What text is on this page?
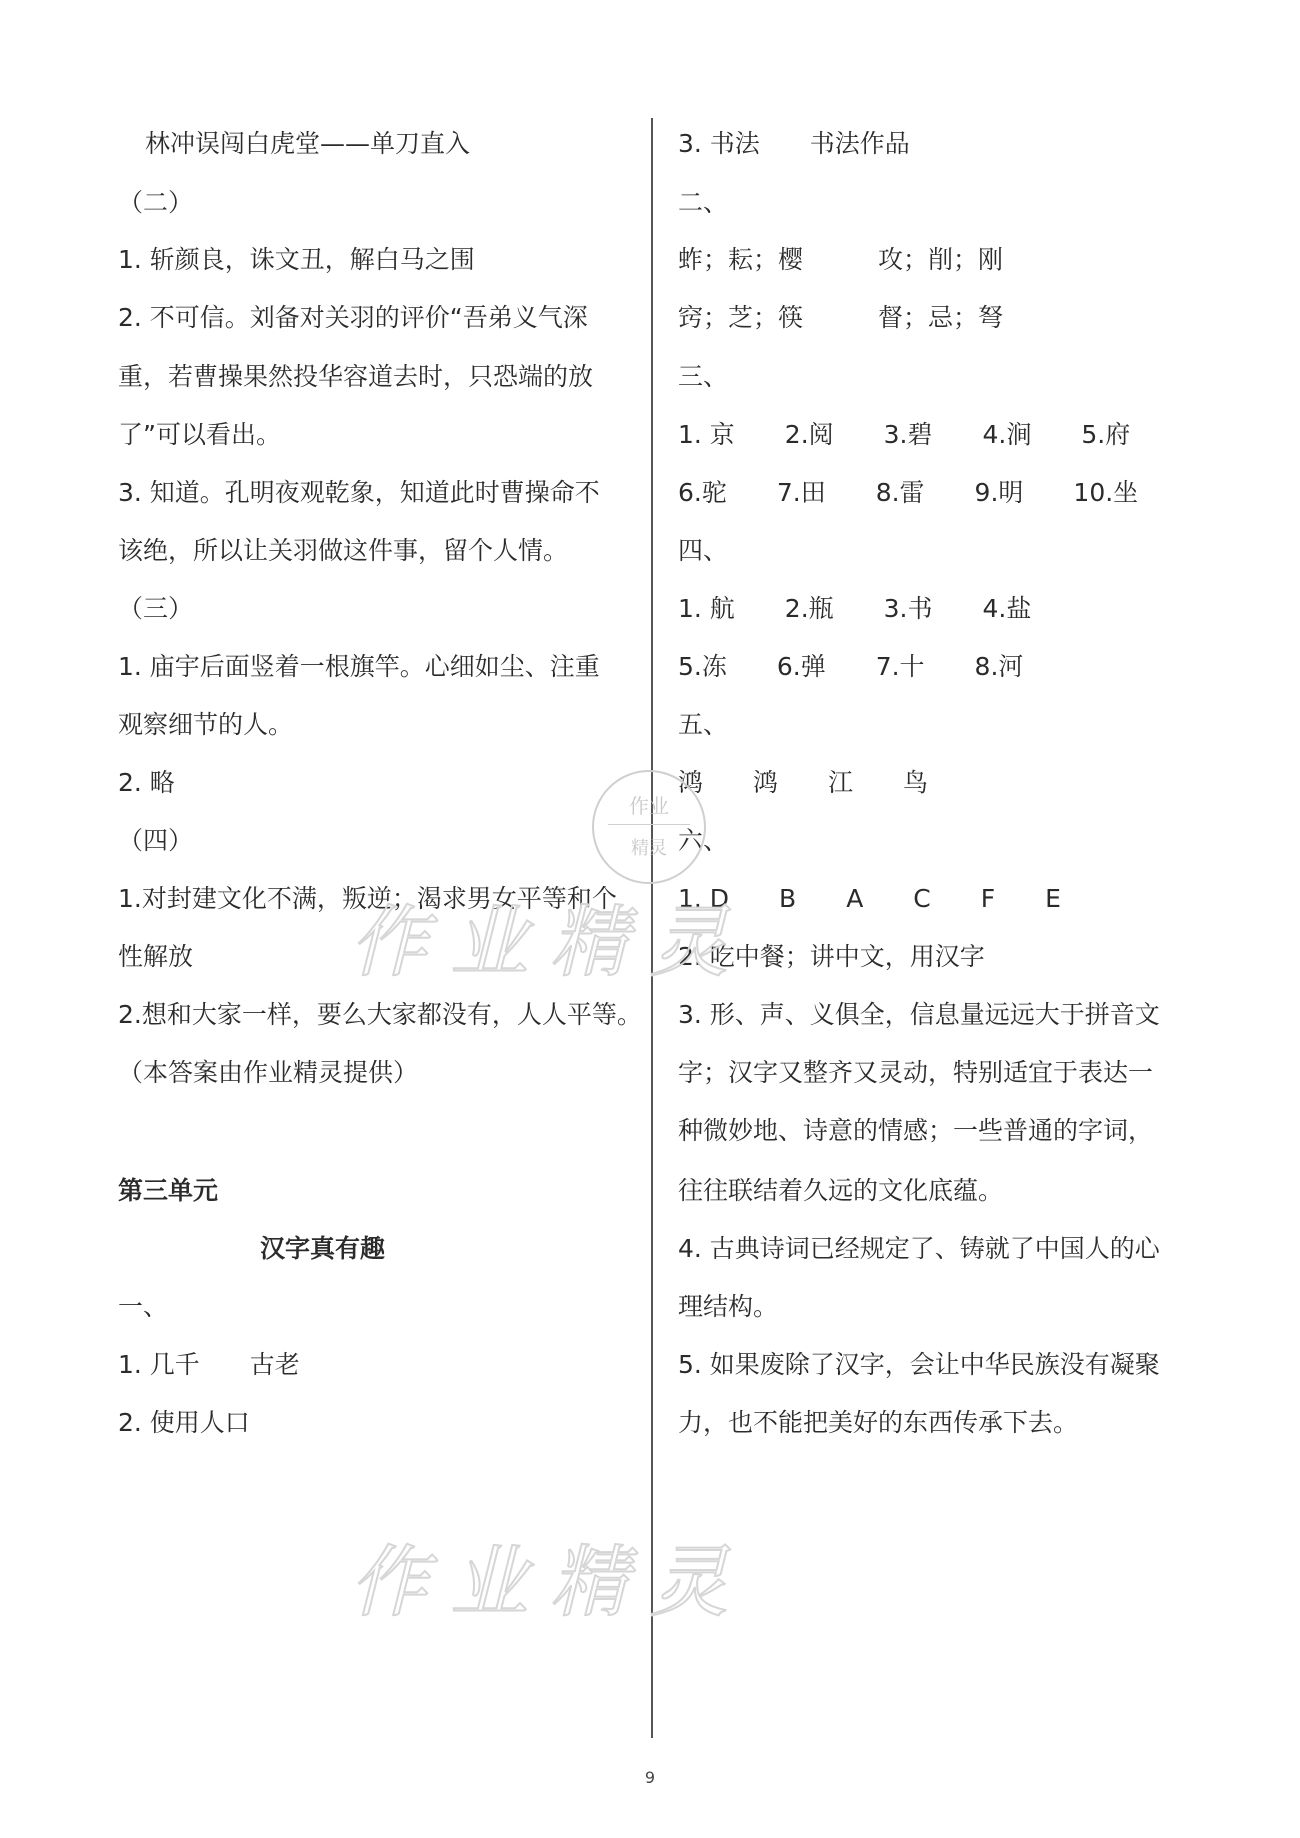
林冲误闯白虎堂——单刀直入

（二）

1. 斩颜良，诛文丑，解白马之围

2. 不可信。刘备对关羽的评价“吾弟义气深

重，若曹操果然投华容道去时，只恐端的放

了”可以看出。

3. 知道。孔明夜观乾象，知道此时曹操命不

该绝，所以让关羽做这件事，留个人情。

（三）

1. 庙宇后面竖着一根旗竿。心细如尘、注重

观察细节的人。

2. 略

（四）

1.对封建文化不满，叛逆；渴求男女平等和个

性解放

2.想和大家一样，要么大家都没有，人人平等。

（本答案由作业精灵提供）

第三单元

汉字真有趣

一、

1. 几千　　古老

2. 使用人口

3. 书法　　书法作品

二、

蚱；耘；樱　　　攻；削；刚

窍；芝；筷　　　督；忌；弩

三、

1. 京　　2.阅　　3.碧　　4.涧　　5.府

6.驼　　7.田　　8.雷　　9.明　　10.坐

四、

1. 航　　2.瓶　　3.书　　4.盐

5.冻　　6.弹　　7.十　　8.河

五、

鸿　　鸿　　江　　鸟

六、

1. D　　B　　A　　C　　F　　E

2. 吃中餐；讲中文，用汉字

3. 形、声、义俱全，信息量远远大于拼音文

字；汉字又整齐又灵动，特别适宜于表达一

种微妙地、诗意的情感；一些普通的字词，

往往联结着久远的文化底蕴。

4. 古典诗词已经规定了、铸就了中国人的心

理结构。

5. 如果废除了汉字，会让中华民族没有凝聚

力，也不能把美好的东西传承下去。

作业精灵
作业精灵
作业
精灵
9
